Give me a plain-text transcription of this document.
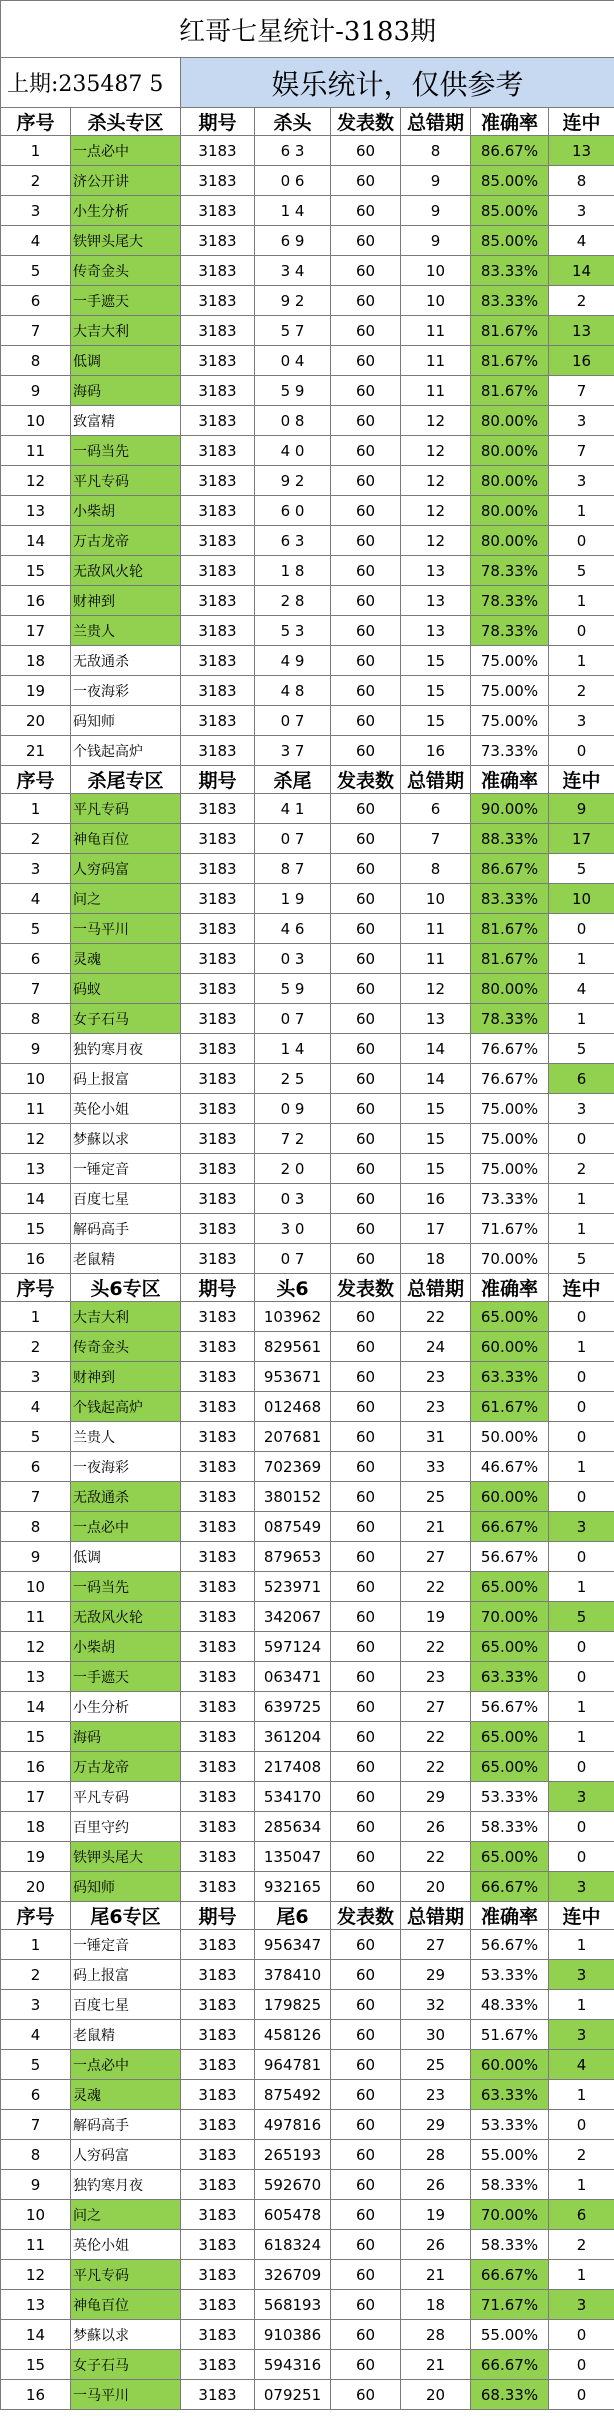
红哥七星统计-3183期							
上期:235487 5		娱乐统计，仅供参考					
序号	杀头专区	期号	杀头	发表数	总错期	准确率	连中
1	一点必中	3183	6 3	60	8	86.67%	13
2	济公开讲	3183	0 6	60	9	85.00%	8
3	小生分析	3183	1 4	60	9	85.00%	3
4	铁钾头尾大	3183	6 9	60	9	85.00%	4
5	传奇金头	3183	3 4	60	10	83.33%	14
6	一手遮天	3183	9 2	60	10	83.33%	2
7	大吉大利	3183	5 7	60	11	81.67%	13
8	低调	3183	0 4	60	11	81.67%	16
9	海码	3183	5 9	60	11	81.67%	7
10	致富精	3183	0 8	60	12	80.00%	3
11	一码当先	3183	4 0	60	12	80.00%	7
12	平凡专码	3183	9 2	60	12	80.00%	3
13	小柴胡	3183	6 0	60	12	80.00%	1
14	万古龙帝	3183	6 3	60	12	80.00%	0
15	无敌风火轮	3183	1 8	60	13	78.33%	5
16	财神到	3183	2 8	60	13	78.33%	1
17	兰贵人	3183	5 3	60	13	78.33%	0
18	无敌通杀	3183	4 9	60	15	75.00%	1
19	一夜海彩	3183	4 8	60	15	75.00%	2
20	码知师	3183	0 7	60	15	75.00%	3
21	个钱起高炉	3183	3 7	60	16	73.33%	0
序号	杀尾专区	期号	杀尾	发表数	总错期	准确率	连中
1	平凡专码	3183	4 1	60	6	90.00%	9
2	神龟百位	3183	0 7	60	7	88.33%	17
3	人穷码富	3183	8 7	60	8	86.67%	5
4	问之	3183	1 9	60	10	83.33%	10
5	一马平川	3183	4 6	60	11	81.67%	0
6	灵魂	3183	0 3	60	11	81.67%	1
7	码蚁	3183	5 9	60	12	80.00%	4
8	女子石马	3183	0 7	60	13	78.33%	1
9	独钓寒月夜	3183	1 4	60	14	76.67%	5
10	码上报富	3183	2 5	60	14	76.67%	6
11	英伦小姐	3183	0 9	60	15	75.00%	3
12	梦蘇以求	3183	7 2	60	15	75.00%	0
13	一锤定音	3183	2 0	60	15	75.00%	2
14	百度七星	3183	0 3	60	16	73.33%	1
15	解码高手	3183	3 0	60	17	71.67%	1
16	老鼠精	3183	0 7	60	18	70.00%	5
序号	头6专区	期号	头6	发表数	总错期	准确率	连中
1	大吉大利	3183	103962	60	22	65.00%	0
2	传奇金头	3183	829561	60	24	60.00%	1
3	财神到	3183	953671	60	23	63.33%	0
4	个钱起高炉	3183	012468	60	23	61.67%	0
5	兰贵人	3183	207681	60	31	50.00%	0
6	一夜海彩	3183	702369	60	33	46.67%	1
7	无敌通杀	3183	380152	60	25	60.00%	0
8	一点必中	3183	087549	60	21	66.67%	3
9	低调	3183	879653	60	27	56.67%	0
10	一码当先	3183	523971	60	22	65.00%	1
11	无敌风火轮	3183	342067	60	19	70.00%	5
12	小柴胡	3183	597124	60	22	65.00%	0
13	一手遮天	3183	063471	60	23	63.33%	0
14	小生分析	3183	639725	60	27	56.67%	1
15	海码	3183	361204	60	22	65.00%	1
16	万古龙帝	3183	217408	60	22	65.00%	0
17	平凡专码	3183	534170	60	29	53.33%	3
18	百里守约	3183	285634	60	26	58.33%	0
19	铁钾头尾大	3183	135047	60	22	65.00%	0
20	码知师	3183	932165	60	20	66.67%	3
序号	尾6专区	期号	尾6	发表数	总错期	准确率	连中
1	一锤定音	3183	956347	60	27	56.67%	1
2	码上报富	3183	378410	60	29	53.33%	3
3	百度七星	3183	179825	60	32	48.33%	1
4	老鼠精	3183	458126	60	30	51.67%	3
5	一点必中	3183	964781	60	25	60.00%	4
6	灵魂	3183	875492	60	23	63.33%	1
7	解码高手	3183	497816	60	29	53.33%	0
8	人穷码富	3183	265193	60	28	55.00%	2
9	独钓寒月夜	3183	592670	60	26	58.33%	1
10	问之	3183	605478	60	19	70.00%	6
11	英伦小姐	3183	618324	60	26	58.33%	2
12	平凡专码	3183	326709	60	21	66.67%	1
13	神龟百位	3183	568193	60	18	71.67%	3
14	梦蘇以求	3183	910386	60	28	55.00%	0
15	女子石马	3183	594316	60	21	66.67%	0
16	一马平川	3183	079251	60	20	68.33%	0
